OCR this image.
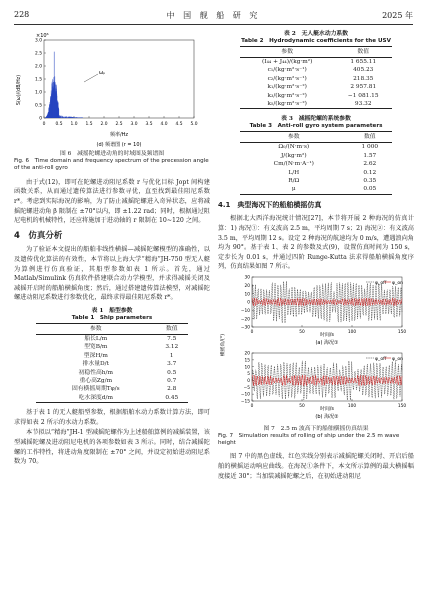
228	中 国 舰 船 研 究	2025 年
×10⁶
S(ω)/(dB/Hz)
3.0
2.5
2.0
1.5
1.0
0.5
0
0 0.5 1.0 1.5 2.0 2.5 3.0 3.5 4.0 4.5 5.0
ωₚ
频率/Hz
(d) 频谱图 (r = 10)
图 6　减摇陀螺进动角的时域图及频谱图
Fig. 6　Time domain and frequency spectrum of the precession angle of the anti-roll gyro

由于式(12)，即可在陀螺进动阻尼系数 r 与优化目标 Jopt 间构建函数关系，从而通过遗传算法进行参数寻优，直至找到最佳阻尼系数 r*。考虑到实际海况的影响，为了防止减摇陀螺进入奇异状态，应将减摇陀螺进动角 β 限制在 ±70°以内，即 ±1.22 rad；同时，根据通过阻尼电机的机械特性，还应将施加于进动轴的 r 限制在 10~120 之间。

4　仿真分析

为了验证本文提出的船舶非线性横摇—减摇陀螺模型的准确性，以及遗传优化算法的有效性，本节将以上海大学“精海”JH-750 型无人艇为算例进行仿真验证，其船型参数如表 1 所示。首先，通过 Matlab/Simulink 仿真软件搭建联合动力学模型，并求得减摇关闭及减摇开启时的船舶横摇角度；然后，通过搭建遗传算法模型，对减摇陀螺进动阻尼系数进行参数优化，最终求得最佳阻尼系数 r*。

表 1　船型参数
Table 1　Ship parameters
参数	数值
船长L/m	7.5
型宽B/m	3.12
型深H/m	1
排水量D/t	3.7
初稳性高h/m	0.5
重心高Zg/m	0.7
固有横摇周期Tφ/s	2.8
吃水深度d/m	0.45

基于表 1 的无人艇船型参数，根据船舶水动力系数计算方法，即可求得如表 2 所示的水动力系数。

本节拟以“精海”JH-1 型减摇陀螺作为上述船舶算例的减摇装置，该型减摇陀螺及进动阻尼电机的各项参数如表 3 所示。同时，结合减摇陀螺的工作特性，将进动角度限制在 ±70° 之间，并设定初始进动阻尼系数为 70。

表 2　无人艇水动力系数
Table 2　Hydrodynamic coefficients for the USV
参数	数值
(I₄₄ + J₄₄)/(kg·m²)	1 655.11
c₁/(kg·m²·s⁻¹)	405.23
c₂/(kg·m²·s⁻¹)	218.35
k₁/(kg·m²·s⁻²)	2 957.81
k₃/(kg·m²·s⁻²)	−1 081.15
k₅/(kg·m²·s⁻²)	93.32
表 3　减摇陀螺的系统参数
Table 3　Anti-roll gyro system parameters
参数	数值
Ω₀/(N·m·s)	1 000
J/(kg·m²)	1.57
Cm/(N·m·A⁻¹)	2.62
L/H	0.12
R/Ω	0.35
μ	0.05
4.1　典型海况下的船舶横摇仿真

根据北大西洋海况统计情况[27]，本节将开展 2 种海况的仿真计算：1) 海况①：有义波高 2.5 m，平均周期 7 s；2) 海况②：有义波高 3.5 m，平均周期 12 s。设定 2 种海况的航速均为 0 m/s，遭遇浪向角均为 90°。基于表 1、表 2 的参数及式(9)，设置仿真时间为 150 s，定步长为 0.01 s，并通过四阶 Runge-Kutta 法求得船舶横摇角度序列，仿真结果如图 7 所示。

横摇角/(°)
30
20
10
0
−10
−20
−30
0	50	100	150
φ_off φ_on
时间/s
(a) 海况①
20
15
10
5
0
−5
−10
−15
0	50	100	150
φ_off φ_on
时间/s
(b) 海况②
图 7　2.5 m 波高下的船舶横摇仿真结果
Fig. 7　Simulation results of rolling of ship under the 2.5 m wave height

图 7 中的黑色虚线、红色实线分别表示减摇陀螺关闭时、开启后船舶的横摇运动响应曲线。在海况①条件下，本文所示算例的最大横摇幅度接近 30°；当加装减摇陀螺之后，在初始进动阻尼
